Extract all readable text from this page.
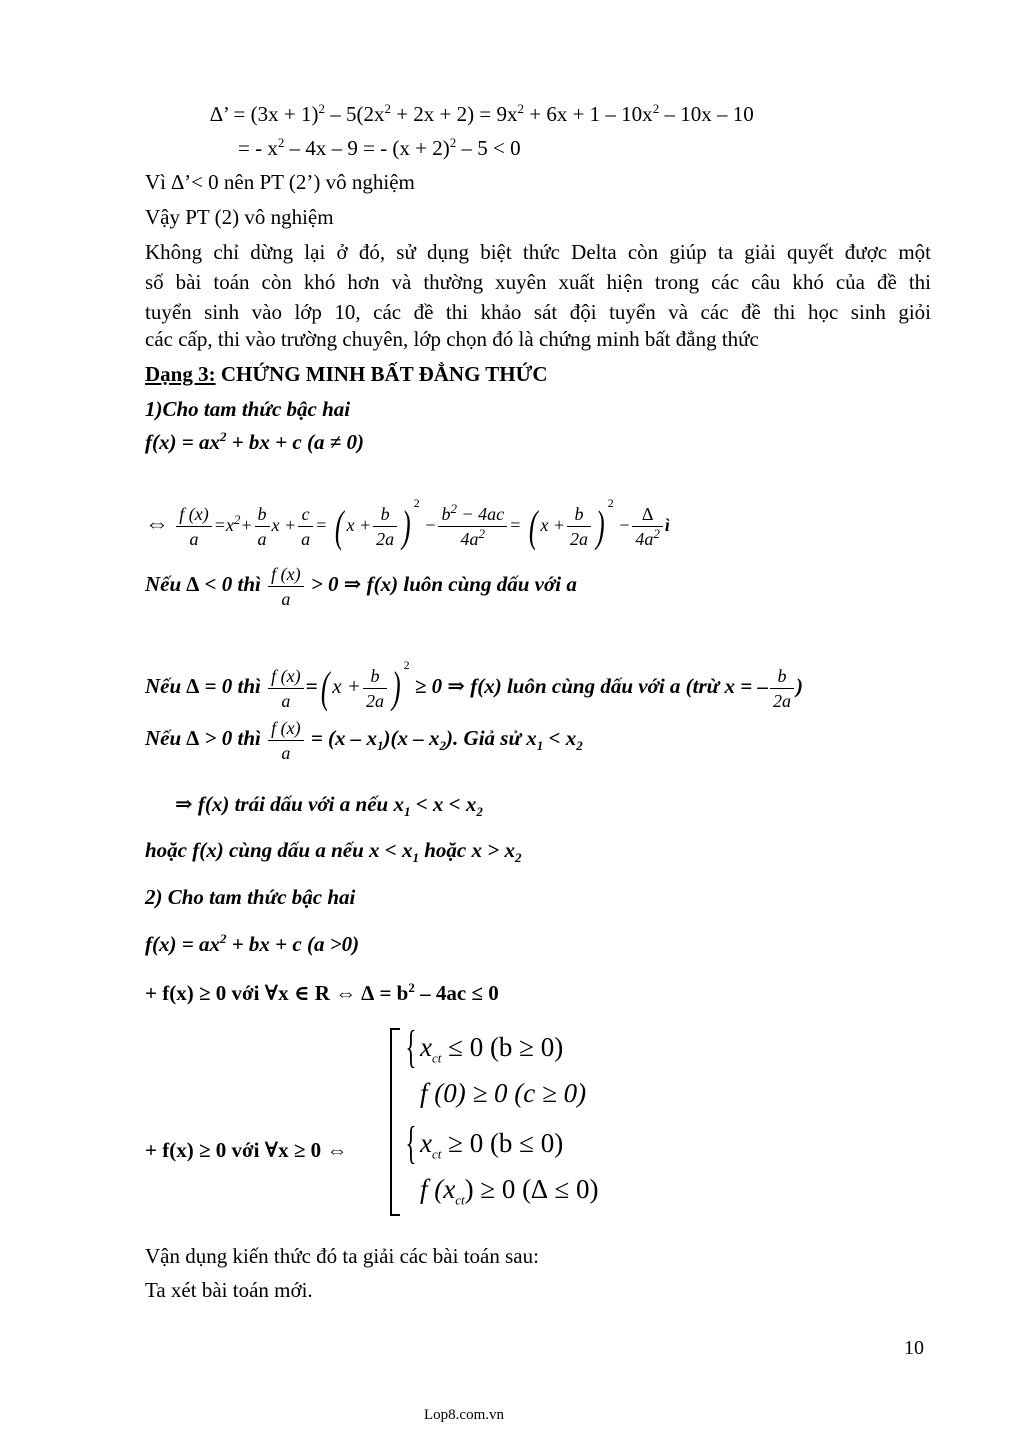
∆’ = $(3x + 1)^2 - 5(2x^2 + 2x + 2) = 9x^2 + 6x + 1 - 10x^2 - 10x - 10$
= - $x^2 - 4x - 9$ = - $(x + 2)^2 - 5 < 0$
Vì ∆’< 0 nên PT (2’) vô nghiệm
Vậy PT (2) vô nghiệm
Không chỉ dừng lại ở đó, sử dụng biệt thức Delta còn giúp ta giải quyết được một
số bài toán còn khó hơn và thường xuyên xuất hiện trong các câu khó của đề thi
tuyển sinh vào lớp 10, các đề thi khảo sát đội tuyển và các đề thi học sinh giỏi
các cấp, thi vào trường chuyên, lớp chọn đó là chứng minh bất đẳng thức
Dạng 3: CHỨNG MINH BẤT ĐẲNG THỨC
1)Cho tam thức bậc hai
$f(x) = ax^2$ + bx + c (a ≠ 0)
⇔ $\frac{f (x)}{a} =x^2+ \frac{b}{a}$ $x + \frac{c}{a}$ = ( $x + \frac{b}{2a}$ ) $^2 - \frac{b^2 - 4ac}{4a^2}$ = ( $x + \frac{b}{2a}$ ) $^2 - \frac{\Delta}{4a^2}$ ì
Nếu ∆ < 0 thì $\frac{f (x)}{a} > 0$ ⇒ f(x) luôn cùng dấu với a
Nếu ∆ = 0 thì $\frac{f (x)}{a}$ =( $x + \frac{b}{2a}$ ) $^2$ ≥ 0 ⇒ f(x) luôn cùng dấu với a (trừ x = – $\frac{b}{2a}$ )
Nếu ∆ > 0 thì $\frac{f (x)}{a} = (x - x_1)(x - x_2)$. Giả sử $x_1 < x_2$
⇒ f(x) trái dấu với a nếu $x_1 < x < x_2$
hoặc f(x) cùng dấu a nếu $x < x_1$ hoặc $x > x_2$
2) Cho tam thức bậc hai
$f(x) = ax^2$ + bx + c (a >0)
+ f(x) ≥ 0 với ∀x ∈ R ⇔ ∆ = $b^2 - 4ac \le 0$
+ f(x) ≥ 0 với ∀x ≥ 0 ⇔
{
{
$x_{ct} \le 0$ (b ≥ 0)
f (0) ≥ 0 (c ≥ 0)
$x_{ct} \ge 0$ (b ≤ 0)
f $(x_{ct}) \ge 0$ (∆ ≤ 0)
Vận dụng kiến thức đó ta giải các bài toán sau:
Ta xét bài toán mới.
10
Lop8.com.vn
